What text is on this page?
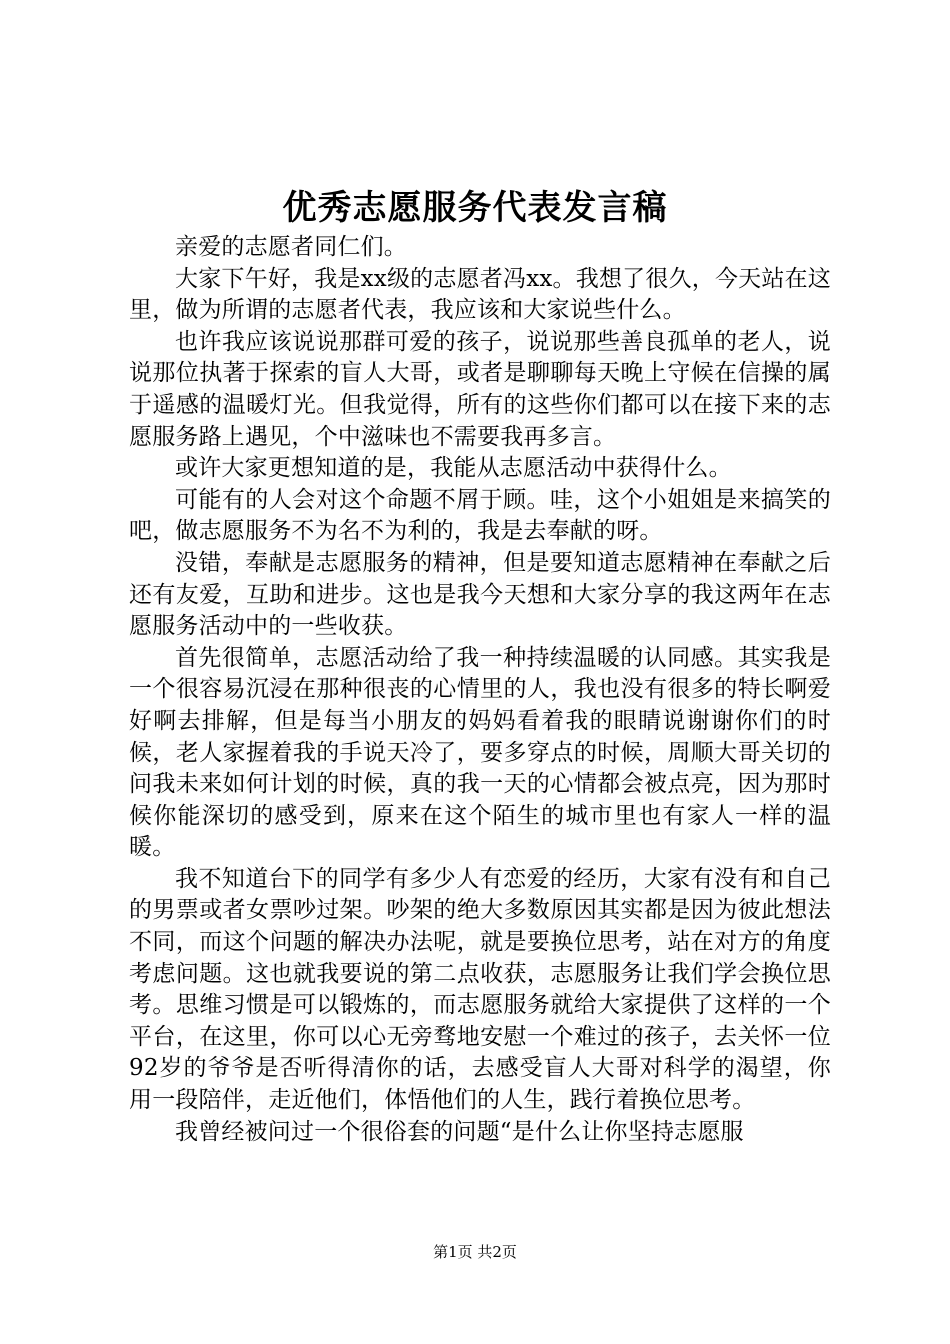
优秀志愿服务代表发言稿

亲爱的志愿者同仁们。

大家下午好，我是xx级的志愿者冯xx。我想了很久，今天站在这里，做为所谓的志愿者代表，我应该和大家说些什么。

也许我应该说说那群可爱的孩子，说说那些善良孤单的老人，说说那位执著于探索的盲人大哥，或者是聊聊每天晚上守候在信操的属于遥感的温暖灯光。但我觉得，所有的这些你们都可以在接下来的志愿服务路上遇见，个中滋味也不需要我再多言。

或许大家更想知道的是，我能从志愿活动中获得什么。

可能有的人会对这个命题不屑于顾。哇，这个小姐姐是来搞笑的吧，做志愿服务不为名不为利的，我是去奉献的呀。

没错，奉献是志愿服务的精神，但是要知道志愿精神在奉献之后还有友爱，互助和进步。这也是我今天想和大家分享的我这两年在志愿服务活动中的一些收获。

首先很简单，志愿活动给了我一种持续温暖的认同感。其实我是一个很容易沉浸在那种很丧的心情里的人，我也没有很多的特长啊爱好啊去排解，但是每当小朋友的妈妈看着我的眼睛说谢谢你们的时候，老人家握着我的手说天冷了，要多穿点的时候，周顺大哥关切的问我未来如何计划的时候，真的我一天的心情都会被点亮，因为那时候你能深切的感受到，原来在这个陌生的城市里也有家人一样的温暖。

我不知道台下的同学有多少人有恋爱的经历，大家有没有和自己的男票或者女票吵过架。吵架的绝大多数原因其实都是因为彼此想法不同，而这个问题的解决办法呢，就是要换位思考，站在对方的角度考虑问题。这也就我要说的第二点收获，志愿服务让我们学会换位思考。思维习惯是可以锻炼的，而志愿服务就给大家提供了这样的一个平台，在这里，你可以心无旁骛地安慰一个难过的孩子，去关怀一位92岁的爷爷是否听得清你的话，去感受盲人大哥对科学的渴望，你用一段陪伴，走近他们，体悟他们的人生，践行着换位思考。

我曾经被问过一个很俗套的问题“是什么让你坚持志愿服

第1页 共2页
